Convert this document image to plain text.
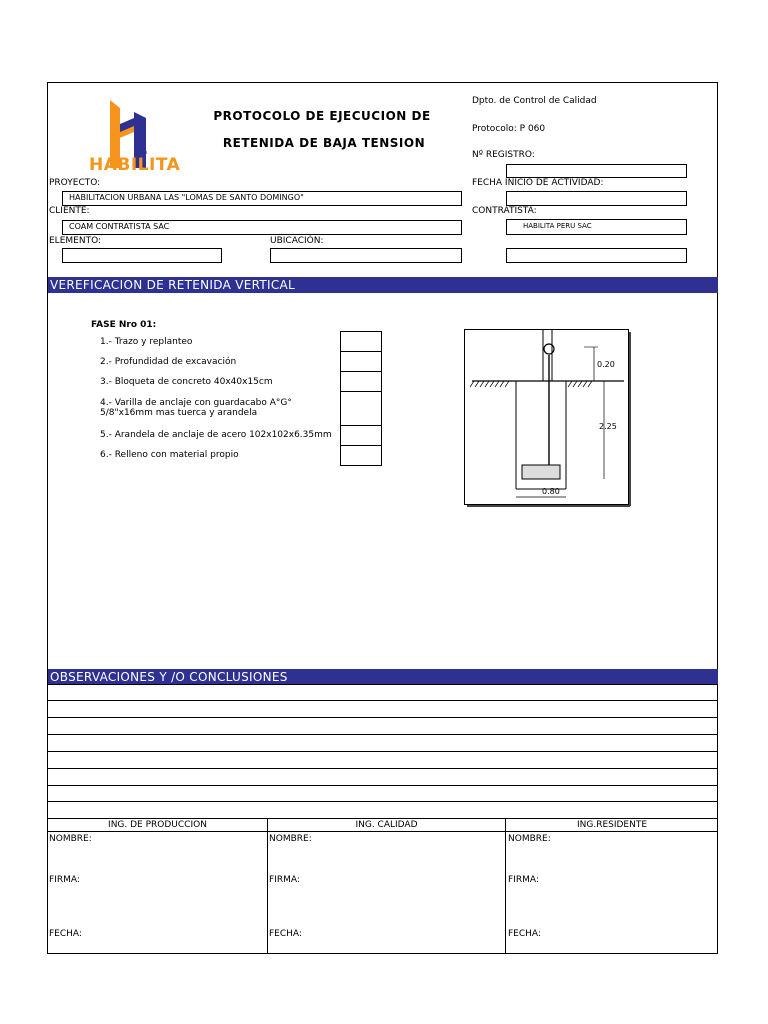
Perú
HABILITA
PROTOCOLO DE EJECUCION DE
RETENIDA DE BAJA TENSION
Dpto. de Control de Calidad
Protocolo: P 060
Nº REGISTRO:
FECHA INICIO DE ACTIVIDAD:
PROYECTO:
HABILITACION URBANA LAS "LOMAS DE SANTO DOMINGO"
CLIENTE:
COAM CONTRATISTA SAC
CONTRATISTA:
HABILITA PERU SAC
ELEMENTO:	UBICACIÓN:
VEREFICACION DE RETENIDA VERTICAL
FASE Nro 01:
1.- Trazo y replanteo
2.- Profundidad de excavación
3.- Bloqueta de concreto 40x40x15cm
4.- Varilla de anclaje con guardacabo A°G° 5/8"x16mm mas tuerca y arandela
5.- Arandela de anclaje de acero 102x102x6.35mm
6.- Relleno con material propio
0.20
2.25
0.80
OBSERVACIONES Y /O CONCLUSIONES
ING. DE PRODUCCION	ING. CALIDAD	ING.RESIDENTE
NOMBRE:	NOMBRE:	NOMBRE:
FIRMA:	FIRMA:	FIRMA:
FECHA:	FECHA:	FECHA:
